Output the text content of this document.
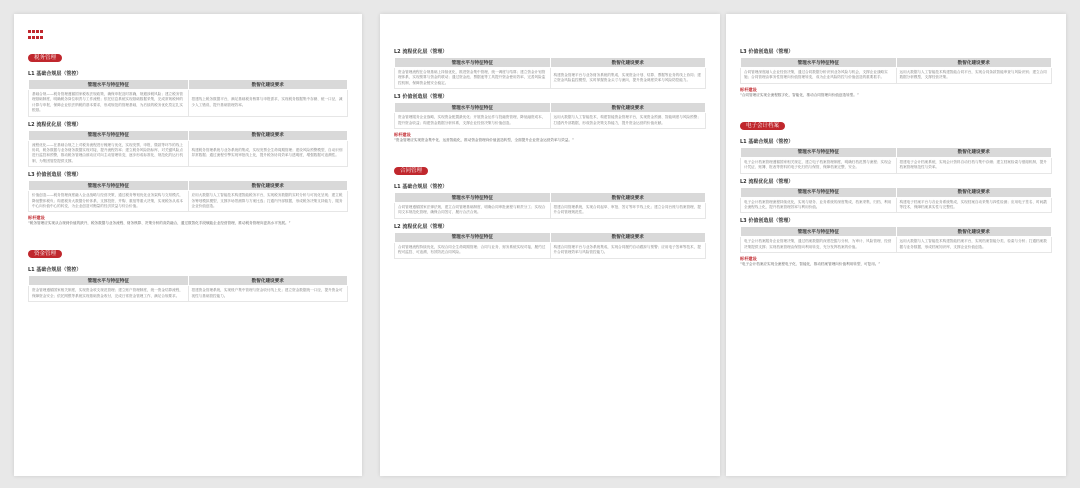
税务管理
L1 基础合规层（管控）
管理水平与特征特征	数智化建设要求
基础合规——税务管理遵循国家税收法规政策，确保申报及时准确，规避涉税风险；建立税务管理基础制度，明确税务岗位职责与工作流程；依托信息系统实现基础数据采集，完成常规税种的计算与申报，保障企业依法纳税的基本要求，形成规范的管理基础，为后续的税务优化奠定扎实根基。	搭建线上税务数据平台，满足基础税务核算与申报需求，实现税务数据集中存储、统一口径，减少人工错误，提升基础管理效率。
L2 流程优化层（管理）
管理水平与特征特征	数智化建设要求
流程优化——在基础合规之上对税务流程进行梳理与优化，实现发票、申报、缴款等环节的线上协同，税务数据与业务财务数据实现对接，提升流程效率；建立税务风险指标库，对关键风险点进行监控和预警，推动税务管理由被动应对向主动管理转变，逐步形成标准化、规范化的运行机制，为集团管控提供支撑。	构建税务管理系统与业务系统的集成，实现发票全生命周期管理；建设风险预警模型，自动识别异常数据；通过流程引擎实现审批线上化，提升税务协同效率与透明度，增强数据可追溯性。
L3 价值创造层（管理）
管理水平与特征特征	数智化建设要求
价值创造——税务管理深度融入企业战略与经营决策，通过税务筹划优化业务架构与交易模式，降低整体税负；构建税务大数据分析体系，支撑投资、并购、重组等重大决策，实现税务从成本中心向价值中心的转变，为企业创造可衡量的经济效益与综合价值。	应用大数据与人工智能技术构建智能税务平台，实现税务数据的实时分析与可视化呈现；建立税务筹划模拟模型，支撑多场景测算与方案比选；打通内外部数据，形成税务决策支持能力，服务企业价值创造。
标杆建设
“税务管理应实现从合规到价值的跃升，税务数据与业务流程、财务核算、决策分析的高效融合，通过数智化手段赋能企业经营管理，推动税务管理向更高水平发展。”
资金管理
L1 基础合规层（管控）
管理水平与特征特征	数智化建设要求
资金管理遵循国家相关制度，实现资金收支规范管理；建立账户管理制度，统一资金结算流程，保障资金安全；依托网银等系统实现基础资金收付，完成日常资金管理工作，满足合规要求。	搭建资金管理系统，实现账户集中管理与资金收付线上化；建立资金数据统一口径，提升资金可视性与基础管控能力。
L2 流程优化层（管理）
管理水平与特征特征	数智化建设要求
资金管理流程在合规基础上持续优化，推进资金集中管理，统一调度与结算；建立资金计划管理体系，实现预算与资金的联动；通过资金池、票据池等工具提升资金使用效率，完善风险监控机制，保障资金链安全稳定。	构建资金管理平台与业务财务系统的集成，实现资金计划、结算、票据等业务的线上协同；建立资金风险监控模型，实时掌握资金头寸与流向，提升资金调度效率与风险防控能力。
L3 价值创造层（管理）
管理水平与特征特征	数智化建设要求
资金管理服务企业战略，实现资金配置最优化；开展资金运作与投融资管理，降低融资成本，提升资金收益；构建资金数据分析体系，支撑企业经营决策与价值创造。	运用大数据与人工智能技术，构建智能资金管理平台，实现资金预测、智能调度与风险预警；打通内外部数据，形成资金决策支持能力，提升资金运营的价值贡献。
标杆建设
“资金管理应实现资金集中化、运营智能化，推动资金管理向价值创造转型，全面提升企业资金运营效率与效益。”
合同管理
L1 基础合规层（管控）
管理水平与特征特征	数智化建设要求
合同管理遵循国家法律法规，建立合同管理基础制度，明确合同审批流程与职责分工；实现合同文本规范化管理，确保合同签订、履行合法合规。	搭建合同管理系统，实现合同起草、审批、签订等环节线上化；建立合同台账与档案管理，提升合同管理规范性。
L2 流程优化层（管理）
管理水平与特征特征	数智化建设要求
合同管理流程持续优化，实现合同全生命周期管理；合同与业务、财务系统实现对接，履约过程可监控、可追溯，有效防范合同风险。	构建合同管理平台与业务系统集成，实现合同履约自动跟踪与预警；应用电子签章等技术，提升合同管理效率与风险管控能力。
L3 价值创造层（管理）
管理水平与特征特征	数智化建设要求
合同管理深度融入企业经营决策，通过合同数据分析识别业务风险与机会，支撑企业战略实施；合同管理由事务性管理向价值管理转变，成为企业风险防控与价值创造的重要抓手。	运用大数据与人工智能技术构建智能合同平台，实现合同条款智能审查与风险识别；建立合同数据分析模型，支撑经营决策。
标杆建设
“合同管理应实现全流程数字化、智能化，推动合同管理向价值创造转型。”
电子会计档案
L1 基础合规层（管控）
管理水平与特征特征	数智化建设要求
电子会计档案管理遵循国家相关规定，建立电子档案管理制度，明确归档范围与流程；实现会计凭证、账簿、报表等资料的电子化归档与保管，保障档案完整、安全。	搭建电子会计档案系统，实现会计资料自动归档与集中存储；建立档案检索与借阅机制，提升档案管理规范性与效率。
L2 流程优化层（管理）
管理水平与特征特征	数智化建设要求
电子会计档案管理流程持续优化，实现与财务、业务系统的深度集成，档案采集、归档、利用全流程线上化，提升档案管理效率与利用价值。	构建电子档案平台与各业务系统集成，实现档案自动采集与四性检测；应用电子签名、时间戳等技术，保障档案真实性与完整性。
L3 价值创造层（管理）
管理水平与特征特征	数智化建设要求
电子会计档案服务企业管理决策，通过档案数据的深度挖掘与分析，为审计、风险管理、经营决策提供支撑；实现档案管理由保管向利用转变，充分发挥档案的价值。	运用大数据与人工智能技术构建智能档案平台，实现档案智能分类、检索与分析；打通档案数据与业务数据，形成档案知识库，支撑企业价值创造。
标杆建设
“电子会计档案应实现全流程电子化、智能化，推动档案管理向价值利用转型，可复用。”
